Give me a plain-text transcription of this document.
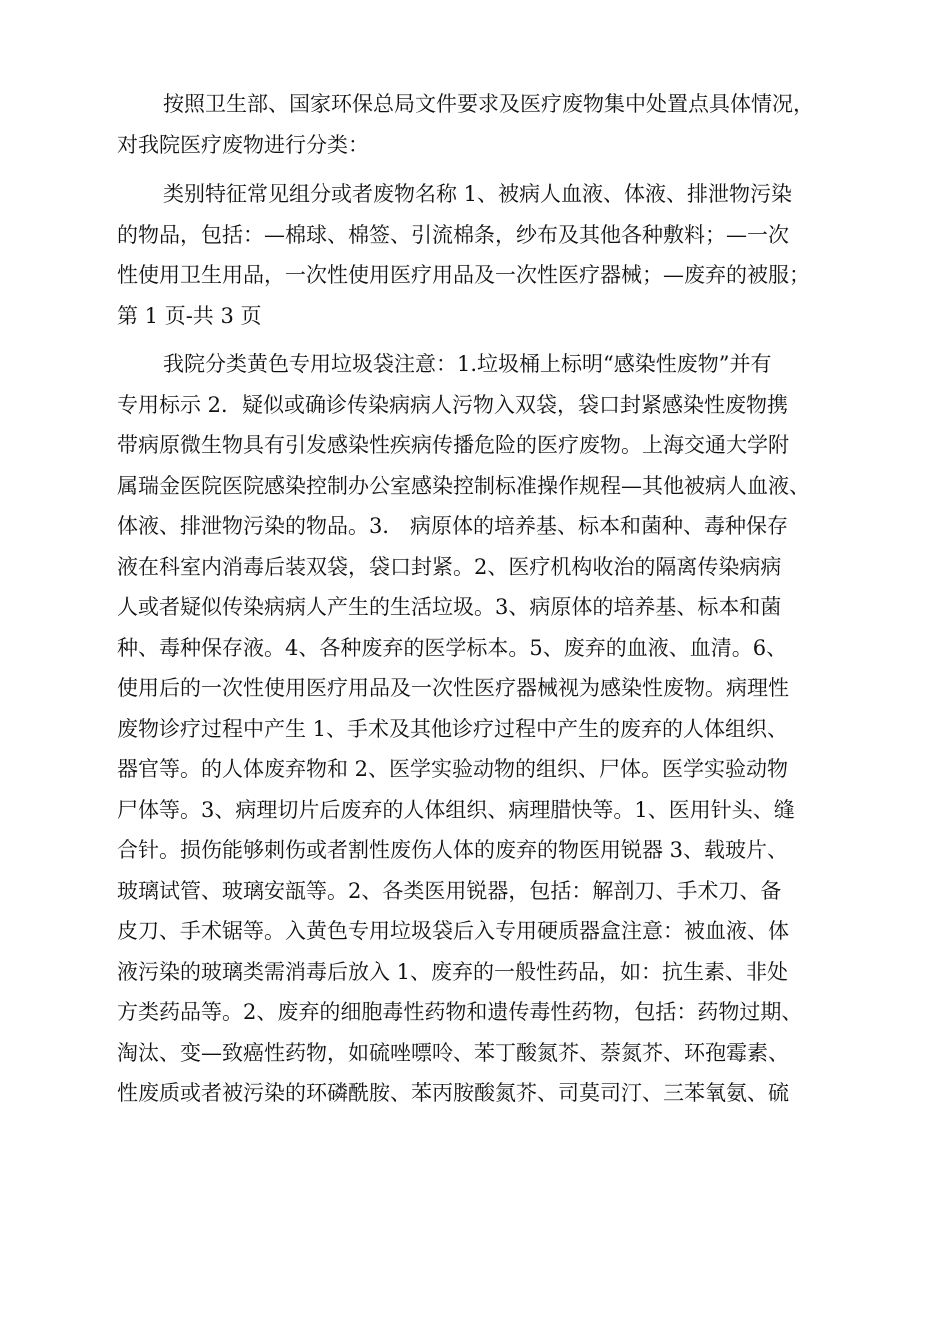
按照卫生部、国家环保总局文件要求及医疗废物集中处置点具体情况，
对我院医疗废物进行分类：
类别特征常见组分或者废物名称 1、被病人血液、体液、排泄物污染
的物品，包括：—棉球、棉签、引流棉条，纱布及其他各种敷料；—一次
性使用卫生用品，一次性使用医疗用品及一次性医疗器械；—废弃的被服；
第 1 页-共 3 页
我院分类黄色专用垃圾袋注意：1.垃圾桶上标明“感染性废物”并有
专用标示 2．疑似或确诊传染病病人污物入双袋，袋口封紧感染性废物携
带病原微生物具有引发感染性疾病传播危险的医疗废物。上海交通大学附
属瑞金医院医院感染控制办公室感染控制标准操作规程—其他被病人血液、
体液、排泄物污染的物品。3． 病原体的培养基、标本和菌种、毒种保存
液在科室内消毒后装双袋，袋口封紧。2、医疗机构收治的隔离传染病病
人或者疑似传染病病人产生的生活垃圾。3、病原体的培养基、标本和菌
种、毒种保存液。4、各种废弃的医学标本。5、废弃的血液、血清。6、
使用后的一次性使用医疗用品及一次性医疗器械视为感染性废物。病理性
废物诊疗过程中产生 1、手术及其他诊疗过程中产生的废弃的人体组织、
器官等。的人体废弃物和 2、医学实验动物的组织、尸体。医学实验动物
尸体等。3、病理切片后废弃的人体组织、病理腊快等。1、医用针头、缝
合针。损伤能够刺伤或者割性废伤人体的废弃的物医用锐器 3、载玻片、
玻璃试管、玻璃安瓿等。2、各类医用锐器，包括：解剖刀、手术刀、备
皮刀、手术锯等。入黄色专用垃圾袋后入专用硬质器盒注意：被血液、体
液污染的玻璃类需消毒后放入 1、废弃的一般性药品，如：抗生素、非处
方类药品等。2、废弃的细胞毒性药物和遗传毒性药物，包括：药物过期、
淘汰、变—致癌性药物，如硫唑嘌呤、苯丁酸氮芥、萘氮芥、环孢霉素、
性废质或者被污染的环磷酰胺、苯丙胺酸氮芥、司莫司汀、三苯氧氨、硫
